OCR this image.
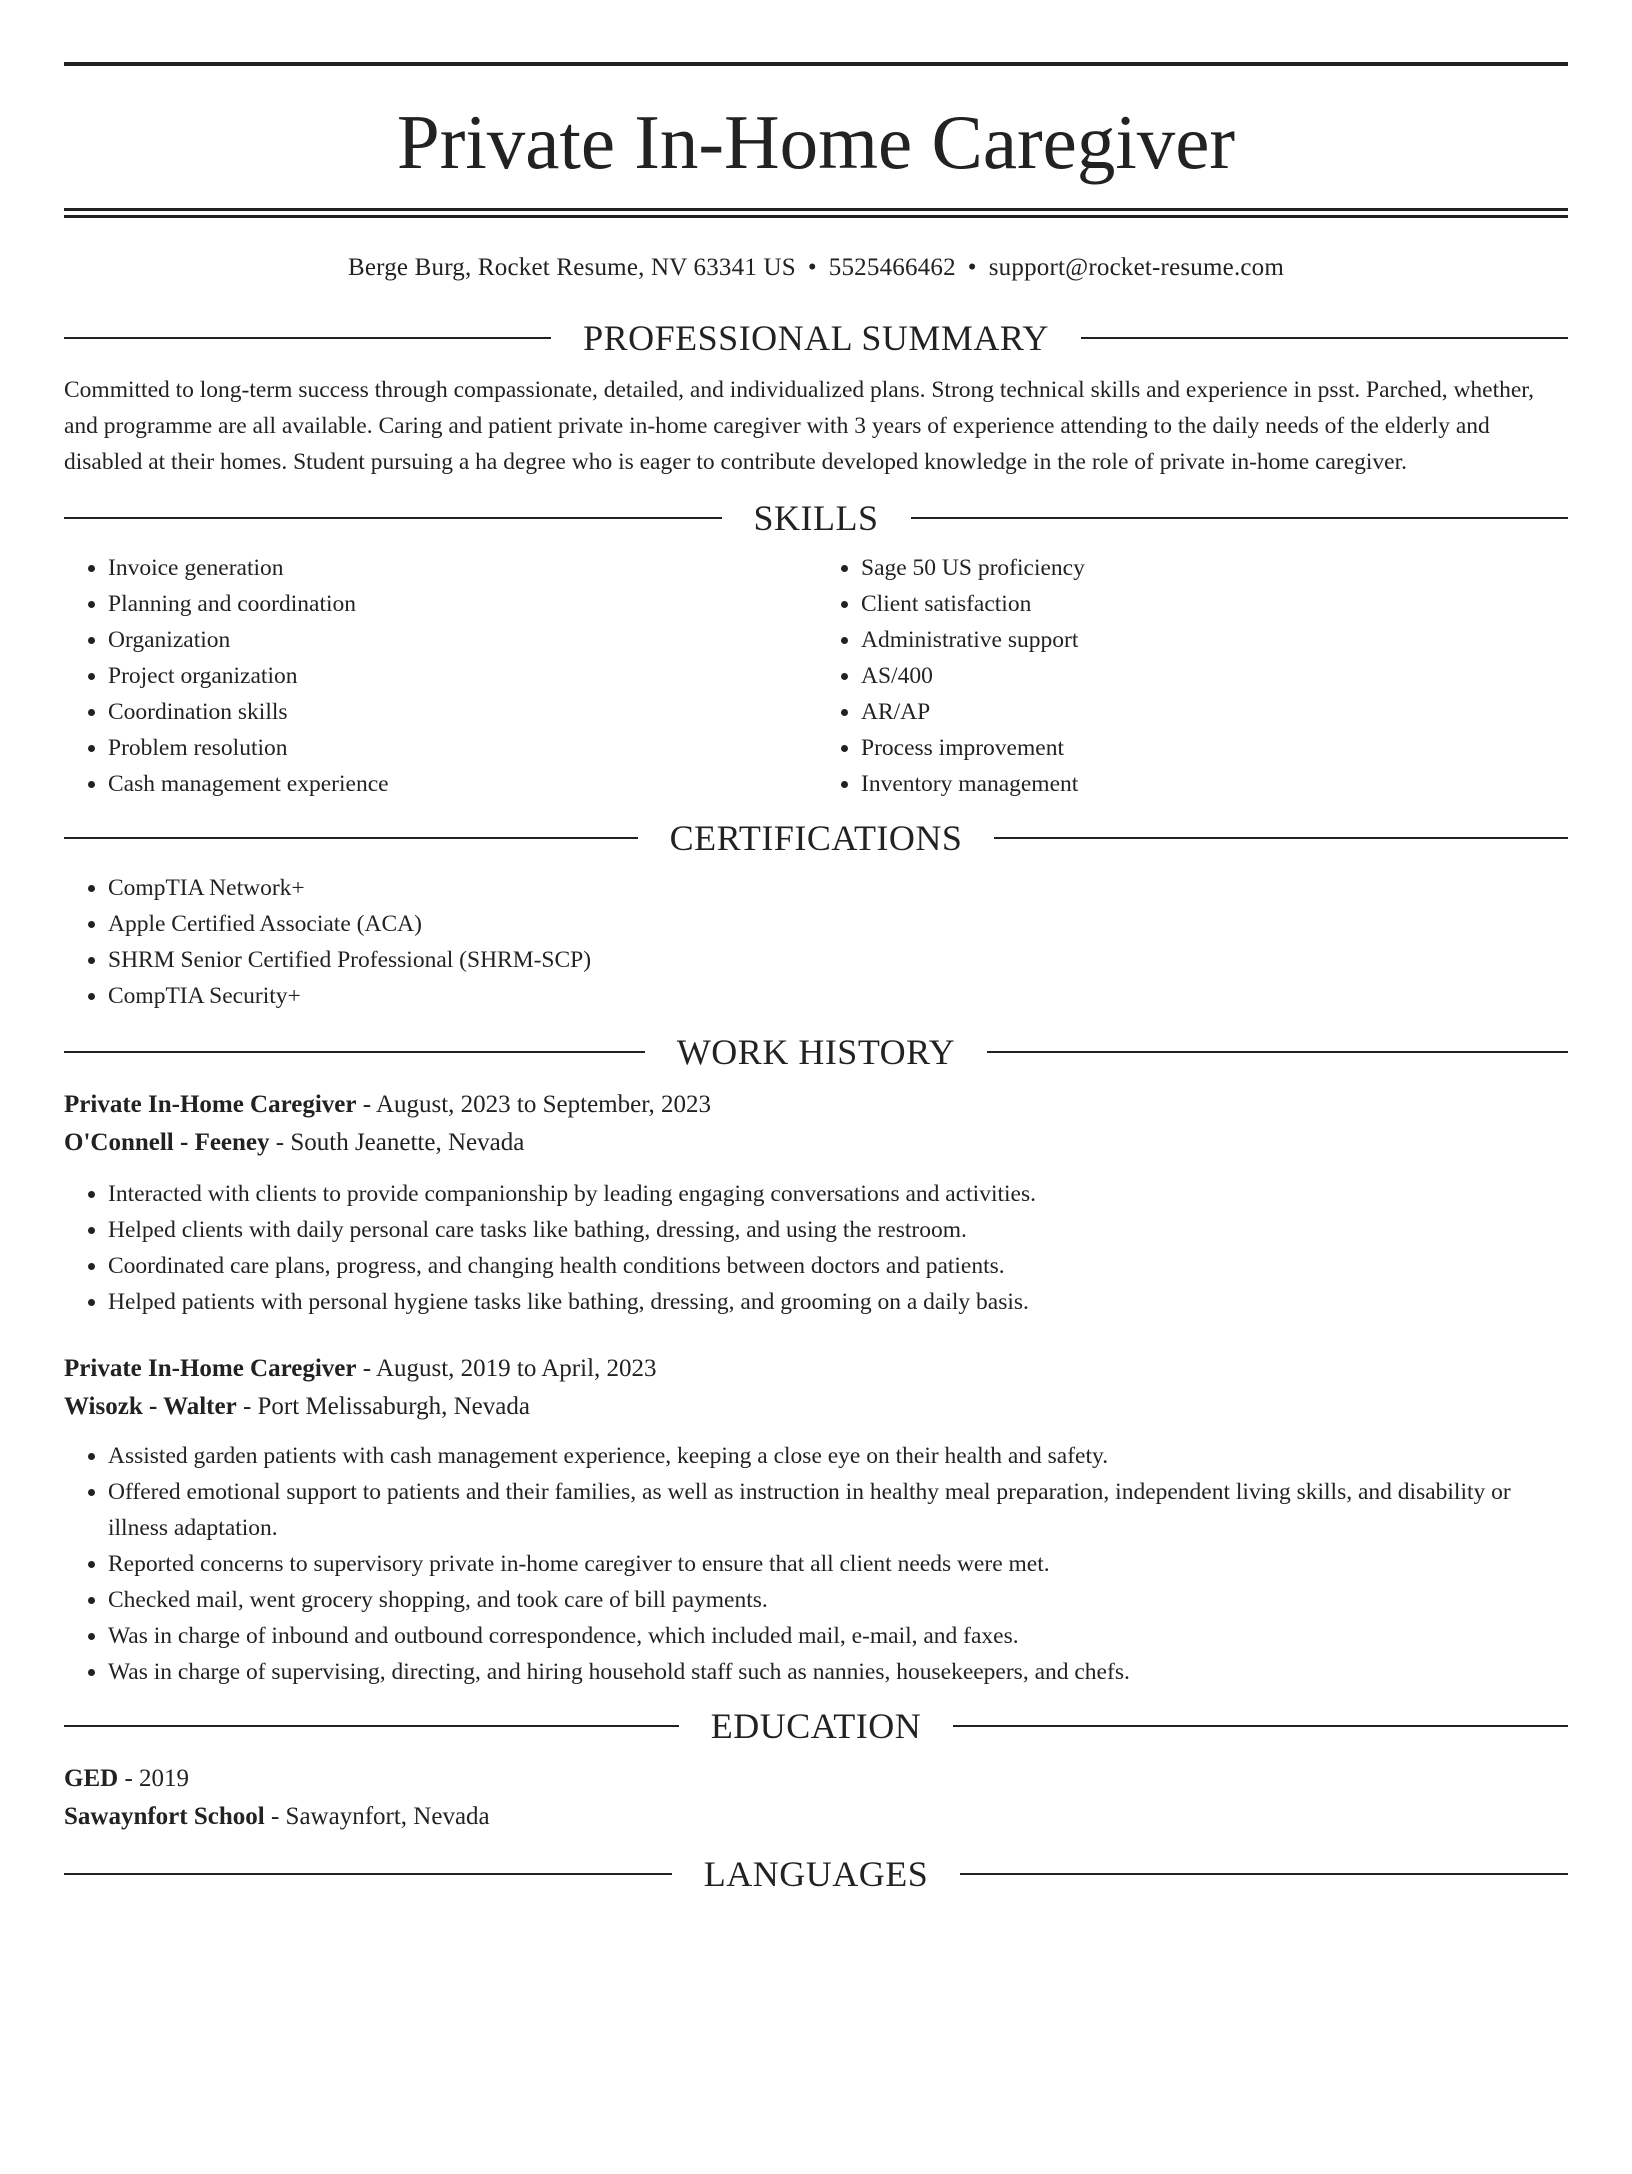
Private In-Home Caregiver
Berge Burg, Rocket Resume, NV 63341 US • 5525466462 • support@rocket-resume.com
PROFESSIONAL SUMMARY

Committed to long-term success through compassionate, detailed, and individualized plans. Strong technical skills and experience in psst. Parched, whether, and programme are all available. Caring and patient private in-home caregiver with 3 years of experience attending to the daily needs of the elderly and disabled at their homes. Student pursuing a ha degree who is eager to contribute developed knowledge in the role of private in-home caregiver.

SKILLS
• Invoice generation
• Planning and coordination
• Organization
• Project organization
• Coordination skills
• Problem resolution
• Cash management experience
• Sage 50 US proficiency
• Client satisfaction
• Administrative support
• AS/400
• AR/AP
• Process improvement
• Inventory management
CERTIFICATIONS
• CompTIA Network+
• Apple Certified Associate (ACA)
• SHRM Senior Certified Professional (SHRM-SCP)
• CompTIA Security+
WORK HISTORY
Private In-Home Caregiver - August, 2023 to September, 2023
O'Connell - Feeney - South Jeanette, Nevada
• Interacted with clients to provide companionship by leading engaging conversations and activities.
• Helped clients with daily personal care tasks like bathing, dressing, and using the restroom.
• Coordinated care plans, progress, and changing health conditions between doctors and patients.
• Helped patients with personal hygiene tasks like bathing, dressing, and grooming on a daily basis.
Private In-Home Caregiver - August, 2019 to April, 2023
Wisozk - Walter - Port Melissaburgh, Nevada
• Assisted garden patients with cash management experience, keeping a close eye on their health and safety.
• Offered emotional support to patients and their families, as well as instruction in healthy meal preparation, independent living skills, and disability or illness adaptation.
• Reported concerns to supervisory private in-home caregiver to ensure that all client needs were met.
• Checked mail, went grocery shopping, and took care of bill payments.
• Was in charge of inbound and outbound correspondence, which included mail, e-mail, and faxes.
• Was in charge of supervising, directing, and hiring household staff such as nannies, housekeepers, and chefs.
EDUCATION
GED - 2019
Sawaynfort School - Sawaynfort, Nevada
LANGUAGES
